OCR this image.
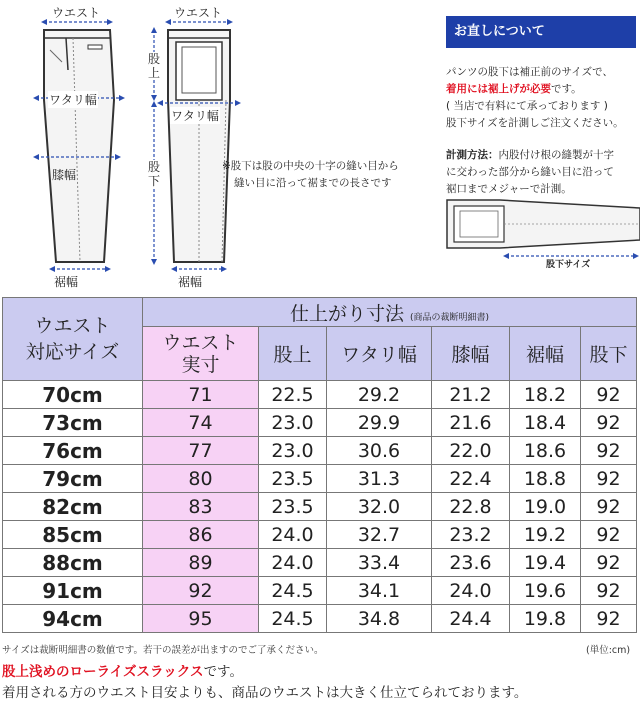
ウエスト	ウエスト
ワタリ幅
膝幅
裾幅
股上
ワタリ幅
股下
裾幅
※股下は股の中央の十字の縫い目から
縫い目に沿って裾までの長さです
お直しについて
パンツの股下は補正前のサイズで、
着用には裾上げが必要です。
( 当店で有料にて承っております )
股下サイズを計測しご注文ください。
計測方法：内股付け根の縫製が十字
に交わった部分から縫い目に沿って
裾口までメジャーで計測。
股下サイズ
ウエスト
対応サイズ	仕上がり寸法 (商品の裁断明細書)					
	ウエスト
実寸	股上	ワタリ幅	膝幅	裾幅	股下
70cm	71	22.5	29.2	21.2	18.2	92
73cm	74	23.0	29.9	21.6	18.4	92
76cm	77	23.0	30.6	22.0	18.6	92
79cm	80	23.5	31.3	22.4	18.8	92
82cm	83	23.5	32.0	22.8	19.0	92
85cm	86	24.0	32.7	23.2	19.2	92
88cm	89	24.0	33.4	23.6	19.4	92
91cm	92	24.5	34.1	24.0	19.6	92
94cm	95	24.5	34.8	24.4	19.8	92
サイズは裁断明細書の数値です。若干の誤差が出ますのでご了承ください。	(単位:cm)
股上浅めのローライズスラックスです。
着用される方のウエスト目安よりも、商品のウエストは大きく仕立てられております。
